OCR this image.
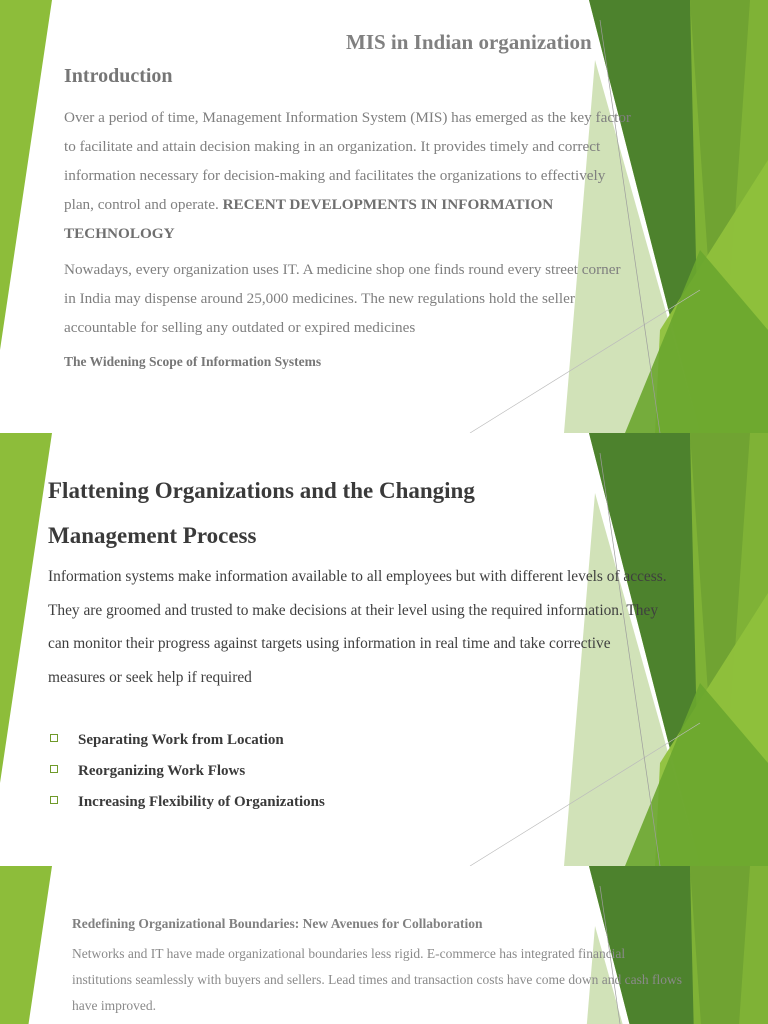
MIS in Indian organization
Introduction

Over a period of time, Management Information System (MIS) has emerged as the key factor to facilitate and attain decision making in an organization. It provides timely and correct information necessary for decision-making and facilitates the organizations to effectively plan, control and operate. RECENT DEVELOPMENTS IN INFORMATION TECHNOLOGY

Nowadays, every organization uses IT. A medicine shop one finds round every street corner in India may dispense around 25,000 medicines. The new regulations hold the seller accountable for selling any outdated or expired medicines

The Widening Scope of Information Systems
Flattening Organizations and the Changing Management Process

Information systems make information available to all employees but with different levels of access. They are groomed and trusted to make decisions at their level using the required information. They can monitor their progress against targets using information in real time and take corrective measures or seek help if required

Separating Work from Location
Reorganizing Work Flows
Increasing Flexibility of Organizations
Redefining Organizational Boundaries: New Avenues for Collaboration

Networks and IT have made organizational boundaries less rigid. E-commerce has integrated financial institutions seamlessly with buyers and sellers. Lead times and transaction costs have come down and cash flows have improved.
